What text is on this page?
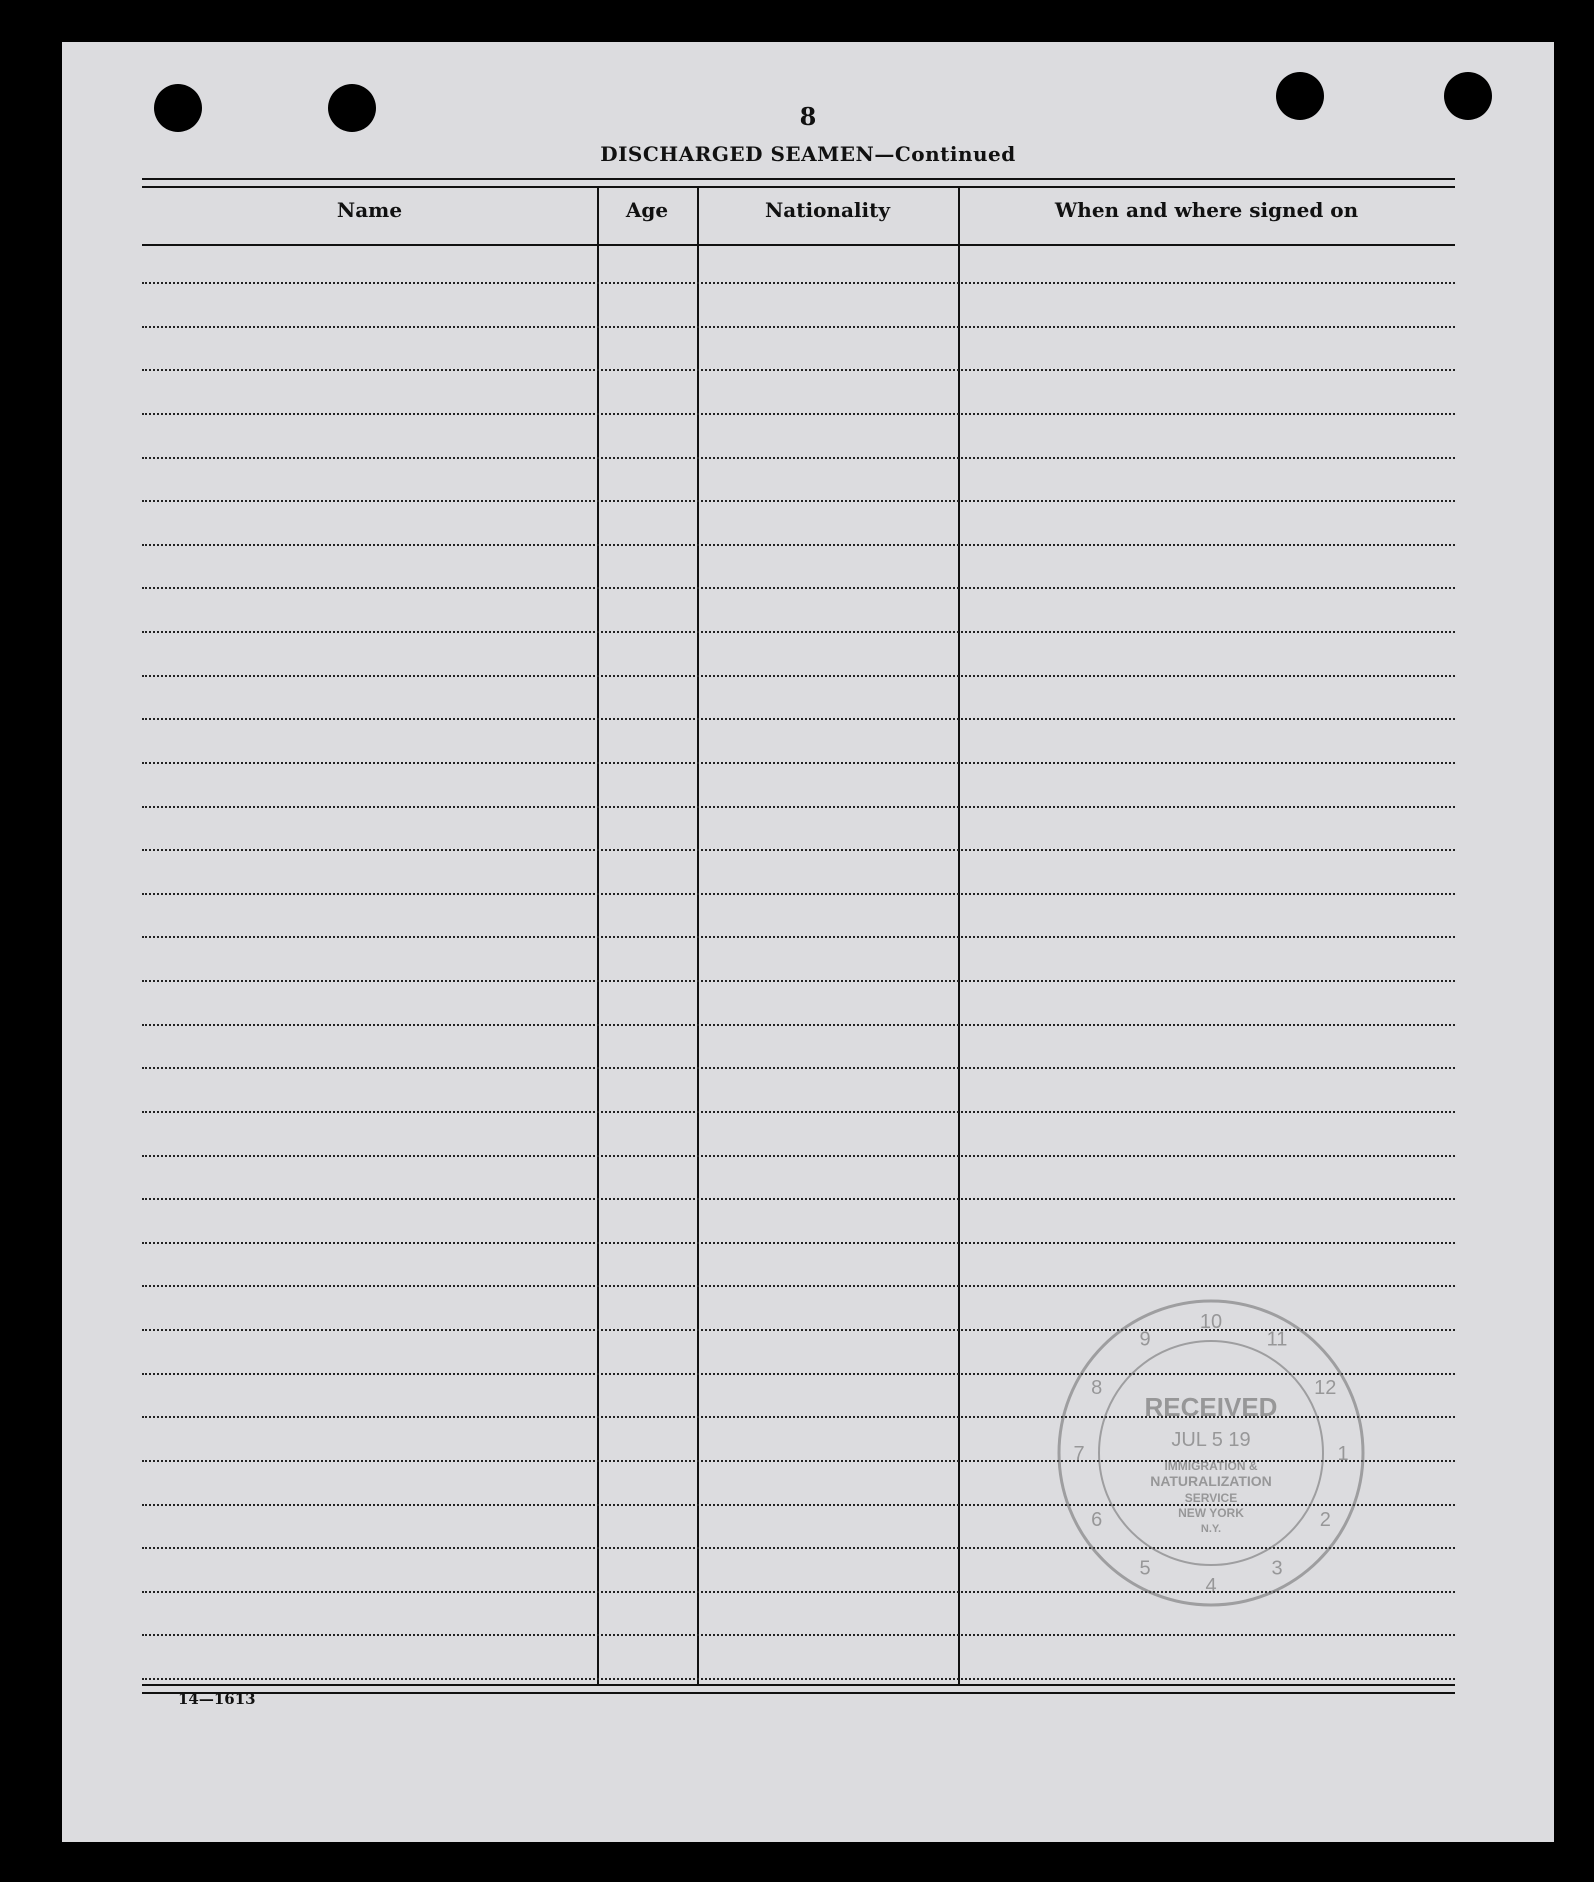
8
DISCHARGED SEAMEN—Continued
Name	Age	Nationality	When and where signed on
14—1613
10
11
12
1
2
3
4
5
6
7
8
9
RECEIVED
JUL 5 19
IMMIGRATION &
NATURALIZATION
SERVICE
NEW YORK
N.Y.
